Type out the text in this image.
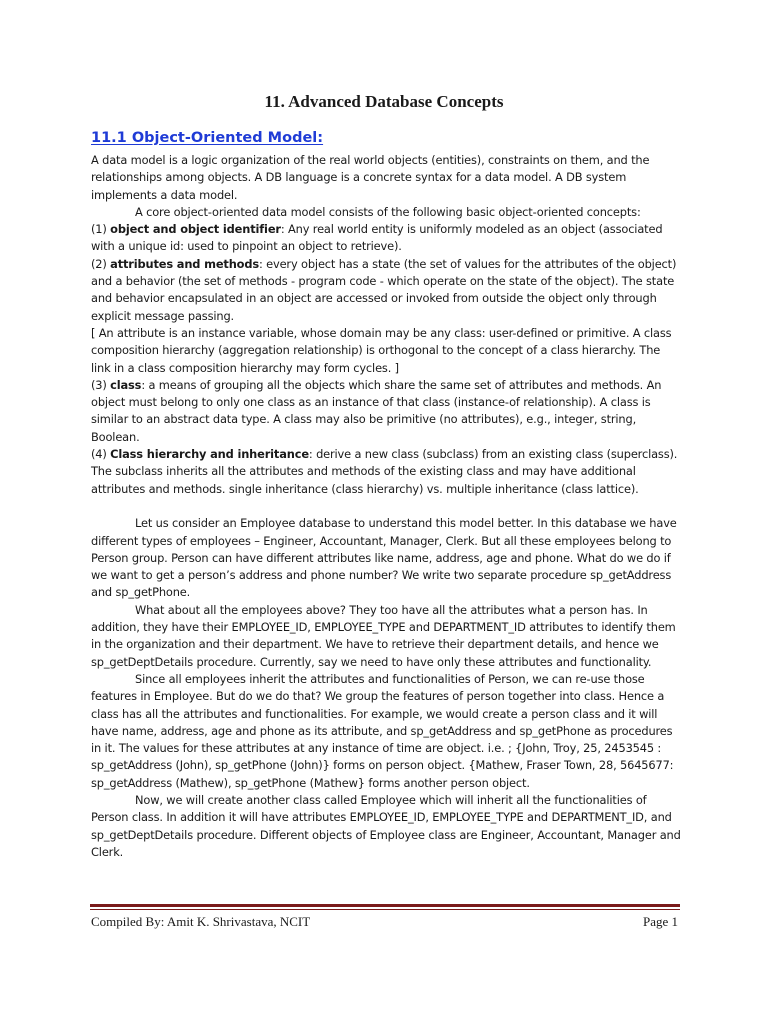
11. Advanced Database Concepts
11.1 Object-Oriented Model:

A data model is a logic organization of the real world objects (entities), constraints on them, and the relationships among objects. A DB language is a concrete syntax for a data model. A DB system implements a data model.

A core object-oriented data model consists of the following basic object-oriented concepts:

(1) object and object identifier: Any real world entity is uniformly modeled as an object (associated with a unique id: used to pinpoint an object to retrieve).

(2) attributes and methods: every object has a state (the set of values for the attributes of the object) and a behavior (the set of methods - program code - which operate on the state of the object). The state and behavior encapsulated in an object are accessed or invoked from outside the object only through explicit message passing.

[ An attribute is an instance variable, whose domain may be any class: user-defined or primitive. A class composition hierarchy (aggregation relationship) is orthogonal to the concept of a class hierarchy. The link in a class composition hierarchy may form cycles. ]

(3) class: a means of grouping all the objects which share the same set of attributes and methods. An object must belong to only one class as an instance of that class (instance-of relationship). A class is similar to an abstract data type. A class may also be primitive (no attributes), e.g., integer, string, Boolean.

(4) Class hierarchy and inheritance: derive a new class (subclass) from an existing class (superclass). The subclass inherits all the attributes and methods of the existing class and may have additional attributes and methods. single inheritance (class hierarchy) vs. multiple inheritance (class lattice).

Let us consider an Employee database to understand this model better. In this database we have different types of employees – Engineer, Accountant, Manager, Clerk. But all these employees belong to Person group. Person can have different attributes like name, address, age and phone. What do we do if we want to get a person’s address and phone number? We write two separate procedure sp_getAddress and sp_getPhone.

What about all the employees above? They too have all the attributes what a person has. In addition, they have their EMPLOYEE_ID, EMPLOYEE_TYPE and DEPARTMENT_ID attributes to identify them in the organization and their department. We have to retrieve their department details, and hence we sp_getDeptDetails procedure. Currently, say we need to have only these attributes and functionality.

Since all employees inherit the attributes and functionalities of Person, we can re-use those features in Employee. But do we do that? We group the features of person together into class. Hence a class has all the attributes and functionalities. For example, we would create a person class and it will have name, address, age and phone as its attribute, and sp_getAddress and sp_getPhone as procedures in it. The values for these attributes at any instance of time are object. i.e. ; {John, Troy, 25, 2453545 : sp_getAddress (John), sp_getPhone (John)} forms on person object. {Mathew, Fraser Town, 28, 5645677: sp_getAddress (Mathew), sp_getPhone (Mathew} forms another person object.

Now, we will create another class called Employee which will inherit all the functionalities of Person class. In addition it will have attributes EMPLOYEE_ID, EMPLOYEE_TYPE and DEPARTMENT_ID, and sp_getDeptDetails procedure. Different objects of Employee class are Engineer, Accountant, Manager and Clerk.

Compiled By: Amit K. Shrivastava, NCIT	Page 1
